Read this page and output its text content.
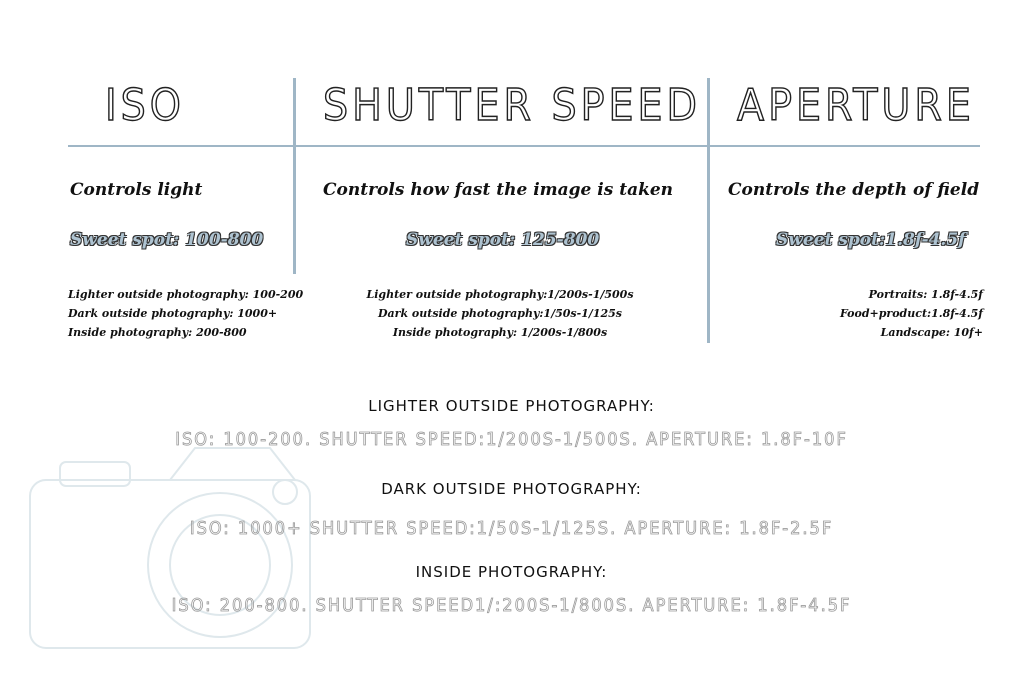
ISO	SHUTTER SPEED APERTURE
Controls light
Sweet spot: 100-800
Lighter outside photography: 100-200
Dark outside photography: 1000+
Inside photography: 200-800
Controls how fast the image is taken
Sweet spot: 125-800
Lighter outside photography:1/200s-1/500s
Dark outside photography:1/50s-1/125s
Inside photography: 1/200s-1/800s
Controls the depth of field
Sweet spot:1.8f-4.5f
Portraits: 1.8f-4.5f
Food+product:1.8f-4.5f
Landscape: 10f+
LIGHTER OUTSIDE PHOTOGRAPHY:
ISO: 100-200. SHUTTER SPEED:1/200S-1/500S. APERTURE: 1.8F-10F
DARK OUTSIDE PHOTOGRAPHY:
ISO: 1000+ SHUTTER SPEED:1/50S-1/125S. APERTURE: 1.8F-2.5F
INSIDE PHOTOGRAPHY:
ISO: 200-800. SHUTTER SPEED1/:200S-1/800S. APERTURE: 1.8F-4.5F
